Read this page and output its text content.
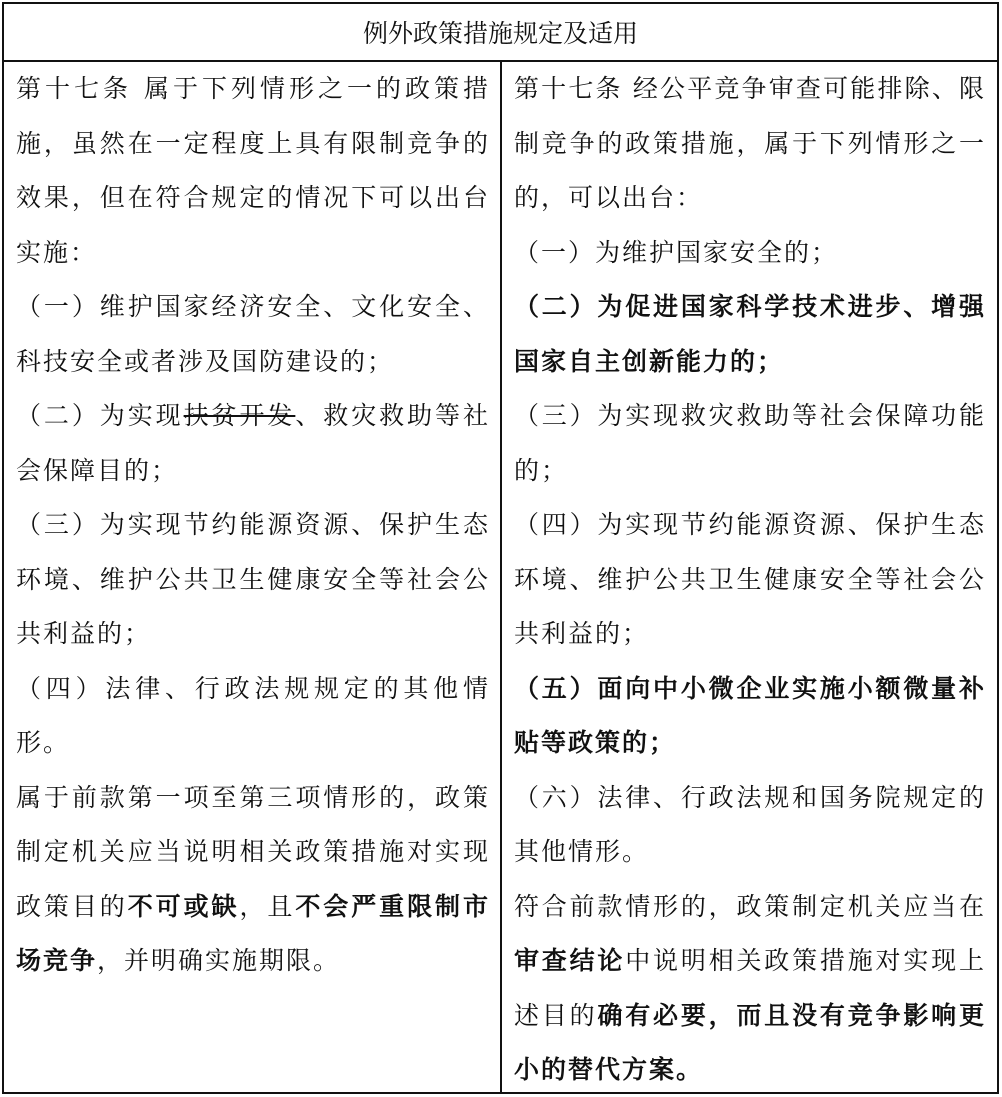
例外政策措施规定及适用

第十七条 属于下列情形之一的政策措施，虽然在一定程度上具有限制竞争的效果，但在符合规定的情况下可以出台实施：

（一）维护国家经济安全、文化安全、科技安全或者涉及国防建设的；

（二）为实现扶贫开发、救灾救助等社会保障目的；

（三）为实现节约能源资源、保护生态环境、维护公共卫生健康安全等社会公共利益的；

（四）法律、行政法规规定的其他情形。

属于前款第一项至第三项情形的，政策制定机关应当说明相关政策措施对实现政策目的不可或缺，且不会严重限制市场竞争，并明确实施期限。

第十七条 经公平竞争审查可能排除、限制竞争的政策措施，属于下列情形之一的，可以出台：

（一）为维护国家安全的；

（二）为促进国家科学技术进步、增强国家自主创新能力的；

（三）为实现救灾救助等社会保障功能的；

（四）为实现节约能源资源、保护生态环境、维护公共卫生健康安全等社会公共利益的；

（五）面向中小微企业实施小额微量补贴等政策的；

（六）法律、行政法规和国务院规定的其他情形。

符合前款情形的，政策制定机关应当在审查结论中说明相关政策措施对实现上述目的确有必要，而且没有竞争影响更小的替代方案。
